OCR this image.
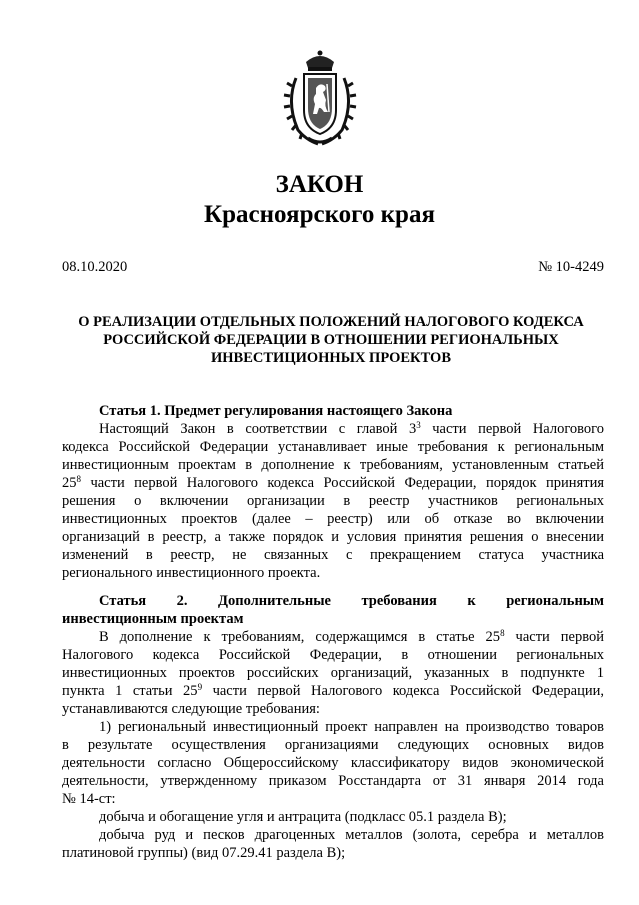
ЗАКОН
Красноярского края
08.10.2020	№ 10-4249
О РЕАЛИЗАЦИИ ОТДЕЛЬНЫХ ПОЛОЖЕНИЙ НАЛОГОВОГО КОДЕКСА
РОССИЙСКОЙ ФЕДЕРАЦИИ В ОТНОШЕНИИ РЕГИОНАЛЬНЫХ
ИНВЕСТИЦИОННЫХ ПРОЕКТОВ
Статья 1. Предмет регулирования настоящего Закона
Настоящий Закон в соответствии с главой $3^3$ части первой Налогового
кодекса Российской Федерации устанавливает иные требования к региональным
инвестиционным проектам в дополнение к требованиям, установленным статьей
$25^8$ части первой Налогового кодекса Российской Федерации, порядок принятия
решения о включении организации в реестр участников региональных
инвестиционных проектов (далее – реестр) или об отказе во включении
организаций в реестр, а также порядок и условия принятия решения о внесении
изменений в реестр, не связанных с прекращением статуса участника
регионального инвестиционного проекта.
Статья 2. Дополнительные требования к региональным
инвестиционным проектам
В дополнение к требованиям, содержащимся в статье $25^8$ части первой
Налогового кодекса Российской Федерации, в отношении региональных
инвестиционных проектов российских организаций, указанных в подпункте 1
пункта 1 статьи $25^9$ части первой Налогового кодекса Российской Федерации,
устанавливаются следующие требования:
1) региональный инвестиционный проект направлен на производство товаров
в результате осуществления организациями следующих основных видов
деятельности согласно Общероссийскому классификатору видов экономической
деятельности, утвержденному приказом Росстандарта от 31 января 2014 года
№ 14-ст:
добыча и обогащение угля и антрацита (подкласс 05.1 раздела B);
добыча руд и песков драгоценных металлов (золота, серебра и металлов
платиновой группы) (вид 07.29.41 раздела B);
